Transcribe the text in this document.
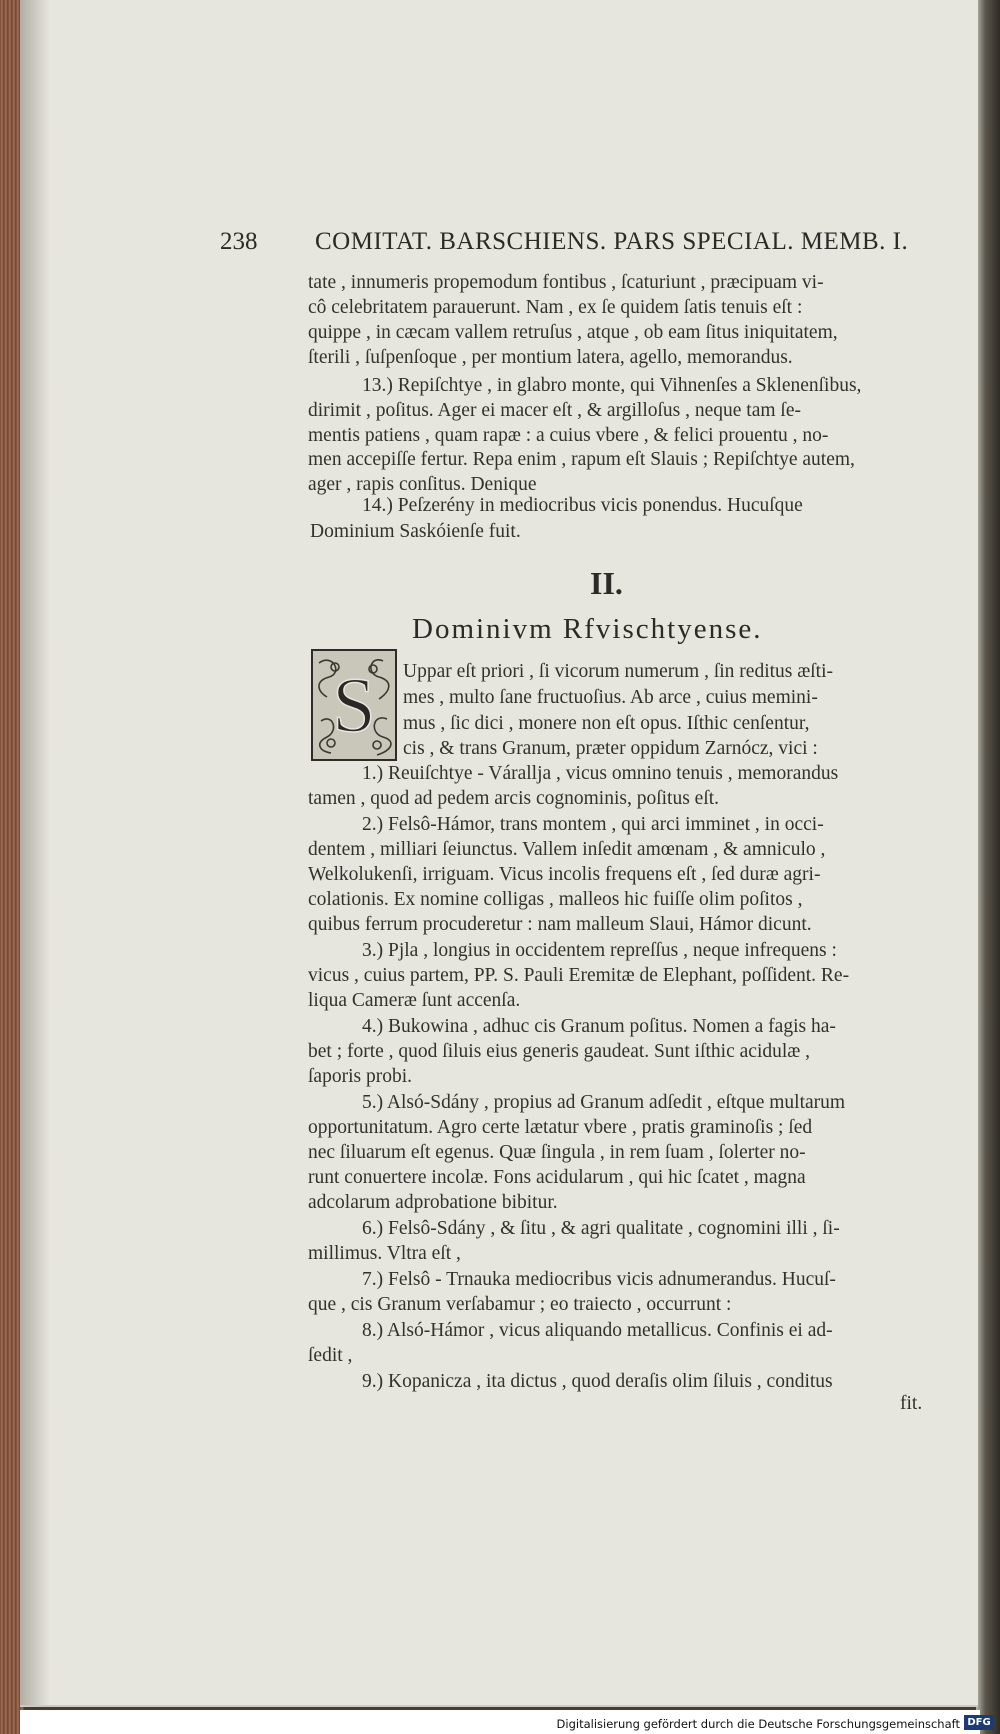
238 COMITAT. BARSCHIENS. PARS SPECIAL. MEMB. I.
tate , innumeris propemodum fontibus , ſcaturiunt , præcipuam vi-
cô celebritatem parauerunt. Nam , ex ſe quidem ſatis tenuis eſt :
quippe , in cæcam vallem retruſus , atque , ob eam ſitus iniquitatem,
ſterili , ſuſpenſoque , per montium latera, agello, memorandus.
13.) Repiſchtye , in glabro monte, qui Vihnenſes a Sklenenſibus,
dirimit , poſitus. Ager ei macer eſt , & argilloſus , neque tam ſe-
mentis patiens , quam rapæ : a cuius vbere , & felici prouentu , no-
men accepiſſe fertur. Repa enim , rapum eſt Slauis ; Repiſchtye autem,
ager , rapis conſitus. Denique
14.) Peſzerény in mediocribus vicis ponendus. Hucuſque
Dominium Saskóienſe fuit.
II.
Dominivm Rfvischtyense.
S Uppar eſt priori , ſi vicorum numerum , ſin reditus æſti-
mes , multo ſane fructuoſius. Ab arce , cuius memini-
mus , ſic dici , monere non eſt opus. Iſthic cenſentur,
cis , & trans Granum, præter oppidum Zarnócz, vici :
1.) Reuiſchtye - Várallja , vicus omnino tenuis , memorandus
tamen , quod ad pedem arcis cognominis, poſitus eſt.
2.) Felsô-Hámor, trans montem , qui arci imminet , in occi-
dentem , milliari ſeiunctus. Vallem inſedit amœnam , & amniculo ,
Welkolukenſi, irriguam. Vicus incolis frequens eſt , ſed duræ agri-
colationis. Ex nomine colligas , malleos hic fuiſſe olim poſitos ,
quibus ferrum procuderetur : nam malleum Slaui, Hámor dicunt.
3.) Pjla , longius in occidentem repreſſus , neque infrequens :
vicus , cuius partem, PP. S. Pauli Eremitæ de Elephant, poſſident. Re-
liqua Cameræ ſunt accenſa.
4.) Bukowina , adhuc cis Granum poſitus. Nomen a fagis ha-
bet ; forte , quod ſiluis eius generis gaudeat. Sunt iſthic acidulæ ,
ſaporis probi.
5.) Alsó-Sdány , propius ad Granum adſedit , eſtque multarum
opportunitatum. Agro certe lætatur vbere , pratis graminoſis ; ſed
nec ſiluarum eſt egenus. Quæ ſingula , in rem ſuam , ſolerter no-
runt conuertere incolæ. Fons acidularum , qui hic ſcatet , magna
adcolarum adprobatione bibitur.
6.) Felsô-Sdány , & ſitu , & agri qualitate , cognomini illi , ſi-
millimus. Vltra eſt ,
7.) Felsô - Trnauka mediocribus vicis adnumerandus. Hucuſ-
que , cis Granum verſabamur ; eo traiecto , occurrunt :
8.) Alsó-Hámor , vicus aliquando metallicus. Confinis ei ad-
ſedit ,
9.) Kopanicza , ita dictus , quod deraſis olim ſiluis , conditus
fit.
Digitalisierung gefördert durch die Deutsche Forschungsgemeinschaft DFG
